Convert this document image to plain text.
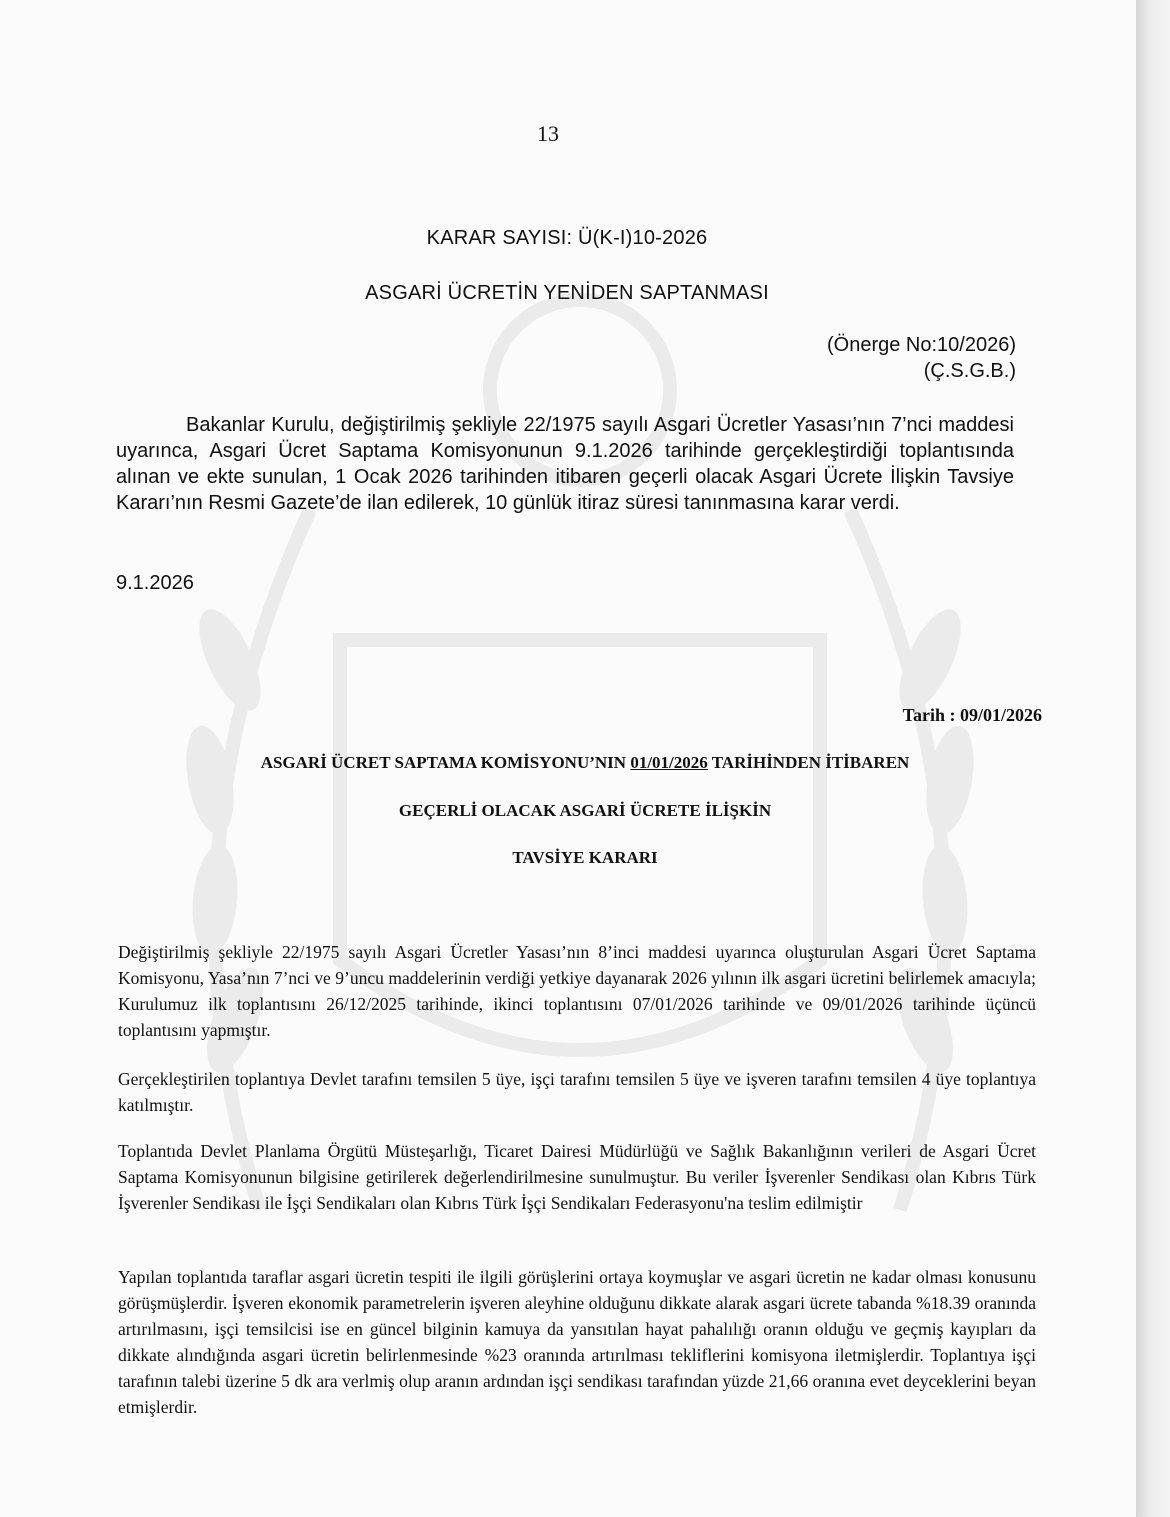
13

KARAR SAYISI: Ü(K-I)10-2026

ASGARİ ÜCRETİN YENİDEN SAPTANMASI

(Önerge No:10/2026)

(Ç.S.G.B.)

Bakanlar Kurulu, değiştirilmiş şekliyle 22/1975 sayılı Asgari Ücretler Yasası’nın 7’nci maddesi uyarınca, Asgari Ücret Saptama Komisyonunun 9.1.2026 tarihinde gerçekleştirdiği toplantısında alınan ve ekte sunulan, 1 Ocak 2026 tarihinden itibaren geçerli olacak Asgari Ücrete İlişkin Tavsiye Kararı’nın Resmi Gazete’de ilan edilerek, 10 günlük itiraz süresi tanınmasına karar verdi.

9.1.2026

Tarih : 09/01/2026

ASGARİ ÜCRET SAPTAMA KOMİSYONU’NIN 01/01/2026 TARİHİNDEN İTİBAREN

GEÇERLİ OLACAK ASGARİ ÜCRETE İLİŞKİN

TAVSİYE KARARI

Değiştirilmiş şekliyle 22/1975 sayılı Asgari Ücretler Yasası’nın 8’inci maddesi uyarınca oluşturulan Asgari Ücret Saptama Komisyonu, Yasa’nın 7’nci ve 9’uncu maddelerinin verdiği yetkiye dayanarak 2026 yılının ilk asgari ücretini belirlemek amacıyla; Kurulumuz ilk toplantısını 26/12/2025 tarihinde, ikinci toplantısını 07/01/2026 tarihinde ve 09/01/2026 tarihinde üçüncü toplantısını yapmıştır.

Gerçekleştirilen toplantıya Devlet tarafını temsilen 5 üye, işçi tarafını temsilen 5 üye ve işveren tarafını temsilen 4 üye toplantıya katılmıştır.

Toplantıda Devlet Planlama Örgütü Müsteşarlığı, Ticaret Dairesi Müdürlüğü ve Sağlık Bakanlığının verileri de Asgari Ücret Saptama Komisyonunun bilgisine getirilerek değerlendirilmesine sunulmuştur. Bu veriler İşverenler Sendikası olan Kıbrıs Türk İşverenler Sendikası ile İşçi Sendikaları olan Kıbrıs Türk İşçi Sendikaları Federasyonu'na teslim edilmiştir

Yapılan toplantıda taraflar asgari ücretin tespiti ile ilgili görüşlerini ortaya koymuşlar ve asgari ücretin ne kadar olması konusunu görüşmüşlerdir. İşveren ekonomik parametrelerin işveren aleyhine olduğunu dikkate alarak asgari ücrete tabanda %18.39 oranında artırılmasını, işçi temsilcisi ise en güncel bilginin kamuya da yansıtılan hayat pahalılığı oranın olduğu ve geçmiş kayıpları da dikkate alındığında asgari ücretin belirlenmesinde %23 oranında artırılması tekliflerini komisyona iletmişlerdir. Toplantıya işçi tarafının talebi üzerine 5 dk ara verlmiş olup aranın ardından işçi sendikası tarafından yüzde 21,66 oranına evet deyceklerini beyan etmişlerdir.
